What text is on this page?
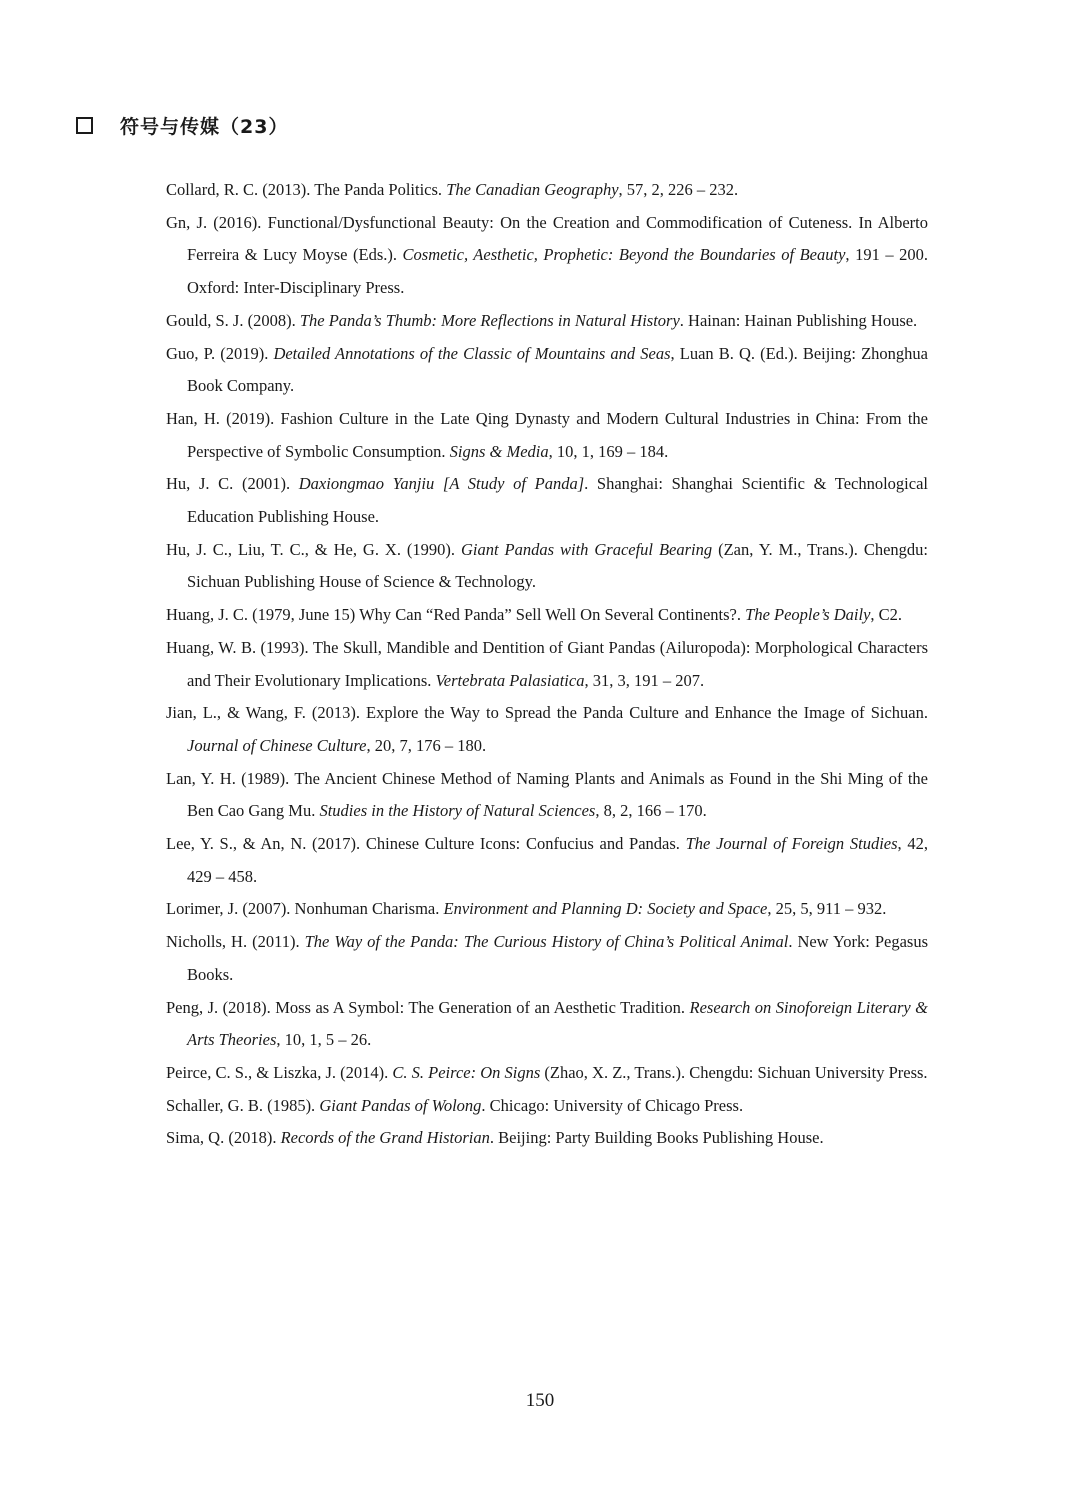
符号与传媒（23）

Collard, R. C. (2013). The Panda Politics. The Canadian Geography, 57, 2, 226 – 232.

Gn, J. (2016). Functional/Dysfunctional Beauty: On the Creation and Commodification of Cuteness. In Alberto Ferreira & Lucy Moyse (Eds.). Cosmetic, Aesthetic, Prophetic: Beyond the Boundaries of Beauty, 191 – 200. Oxford: Inter-Disciplinary Press.

Gould, S. J. (2008). The Panda’s Thumb: More Reflections in Natural History. Hainan: Hainan Publishing House.

Guo, P. (2019). Detailed Annotations of the Classic of Mountains and Seas, Luan B. Q. (Ed.). Beijing: Zhonghua Book Company.

Han, H. (2019). Fashion Culture in the Late Qing Dynasty and Modern Cultural Industries in China: From the Perspective of Symbolic Consumption. Signs & Media, 10, 1, 169 – 184.

Hu, J. C. (2001). Daxiongmao Yanjiu [A Study of Panda]. Shanghai: Shanghai Scientific & Technological Education Publishing House.

Hu, J. C., Liu, T. C., & He, G. X. (1990). Giant Pandas with Graceful Bearing (Zan, Y. M., Trans.). Chengdu: Sichuan Publishing House of Science & Technology.

Huang, J. C. (1979, June 15) Why Can “Red Panda” Sell Well On Several Continents?. The People’s Daily, C2.

Huang, W. B. (1993). The Skull, Mandible and Dentition of Giant Pandas (Ailuropoda): Morphological Characters and Their Evolutionary Implications. Vertebrata Palasiatica, 31, 3, 191 – 207.

Jian, L., & Wang, F. (2013). Explore the Way to Spread the Panda Culture and Enhance the Image of Sichuan. Journal of Chinese Culture, 20, 7, 176 – 180.

Lan, Y. H. (1989). The Ancient Chinese Method of Naming Plants and Animals as Found in the Shi Ming of the Ben Cao Gang Mu. Studies in the History of Natural Sciences, 8, 2, 166 – 170.

Lee, Y. S., & An, N. (2017). Chinese Culture Icons: Confucius and Pandas. The Journal of Foreign Studies, 42, 429 – 458.

Lorimer, J. (2007). Nonhuman Charisma. Environment and Planning D: Society and Space, 25, 5, 911 – 932.

Nicholls, H. (2011). The Way of the Panda: The Curious History of China’s Political Animal. New York: Pegasus Books.

Peng, J. (2018). Moss as A Symbol: The Generation of an Aesthetic Tradition. Research on Sinoforeign Literary & Arts Theories, 10, 1, 5 – 26.

Peirce, C. S., & Liszka, J. (2014). C. S. Peirce: On Signs (Zhao, X. Z., Trans.). Chengdu: Sichuan University Press.

Schaller, G. B. (1985). Giant Pandas of Wolong. Chicago: University of Chicago Press.

Sima, Q. (2018). Records of the Grand Historian. Beijing: Party Building Books Publishing House.

150
